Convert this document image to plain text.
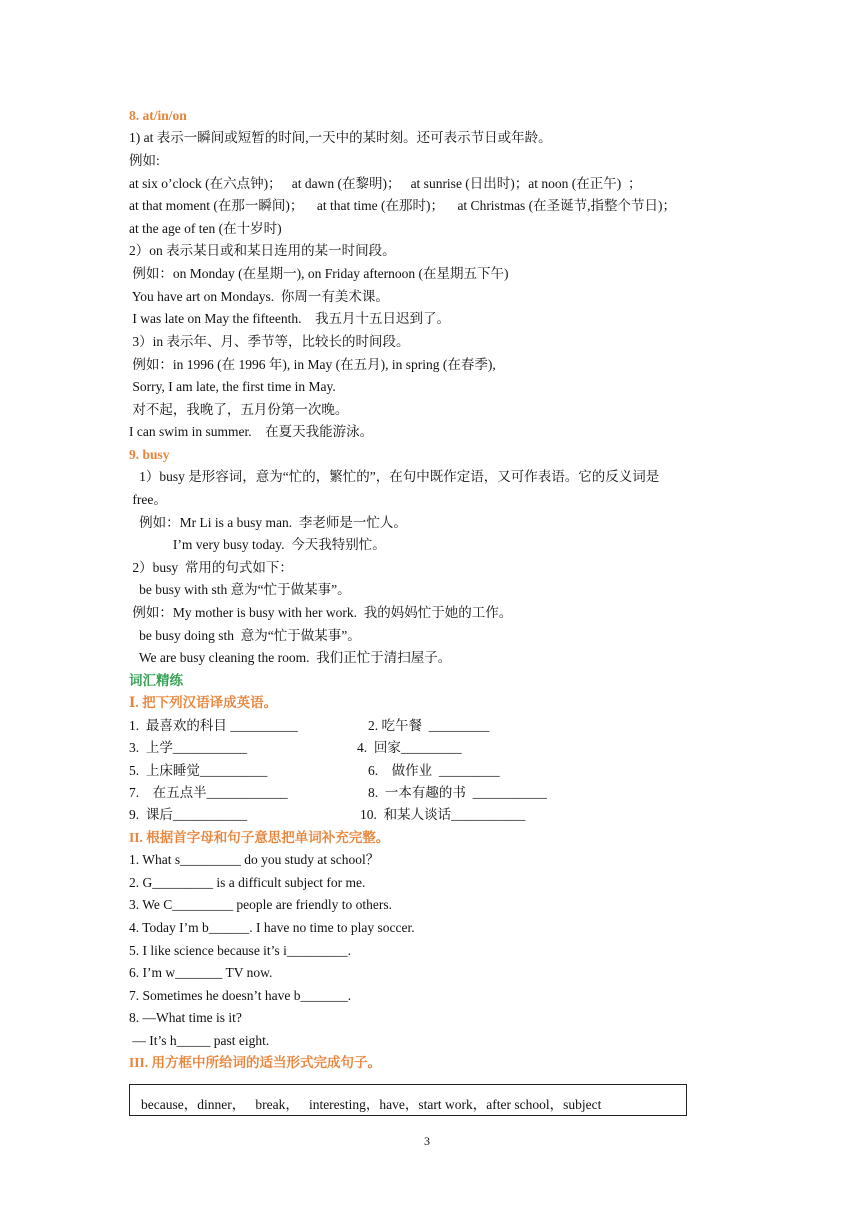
8. at/in/on
1) at 表示一瞬间或短暂的时间,一天中的某时刻。还可表示节日或年龄。
例如:
at six o’clock (在六点钟)；   at dawn (在黎明)；   at sunrise (日出时)；at noon (在正午)  ；
at that moment (在那一瞬间)；    at that time (在那时)；    at Christmas (在圣诞节,指整个节日)；
at the age of ten (在十岁时)
2）on 表示某日或和某日连用的某一时间段。
例如：on Monday (在星期一), on Friday afternoon (在星期五下午)
You have art on Mondays.  你周一有美术课。
I was late on May the fifteenth.    我五月十五日迟到了。
3）in 表示年、月、季节等，比较长的时间段。
例如：in 1996 (在 1996 年), in May (在五月), in spring (在春季),
Sorry, I am late, the first time in May.
对不起，我晚了，五月份第一次晚。
I can swim in summer.    在夏天我能游泳。
9. busy
1）busy 是形容词，意为“忙的，繁忙的”，在句中既作定语，又可作表语。它的反义词是
free。
例如：Mr Li is a busy man.  李老师是一忙人。
I’m very busy today.  今天我特别忙。
2）busy  常用的句式如下：
be busy with sth 意为“忙于做某事”。
例如：My mother is busy with her work.  我的妈妈忙于她的工作。
be busy doing sth  意为“忙于做某事”。
We are busy cleaning the room.  我们正忙于清扫屋子。
词汇精练
Ⅰ. 把下列汉语译成英语。
1.  最喜欢的科目 __________	2. 吃午餐  _________
3.  上学___________	4.  回家_________
5.  上床睡觉__________	6.    做作业  _________
7.    在五点半____________	8.  一本有趣的书  ___________
9.  课后___________	10.  和某人谈话___________
II. 根据首字母和句子意思把单词补充完整。
1. What s_________ do you study at school？
2. G_________ is a difficult subject for me.
3. We C_________ people are friendly to others.
4. Today I’m b______. I have no time to play soccer.
5. I like science because it’s i_________.
6. I’m w_______ TV now.
7. Sometimes he doesn’t have b_______.
8. —What time is it?
— It’s h_____ past eight.
III. 用方框中所给词的适当形式完成句子。
because，dinner，   break，   interesting，have，start work，after school，subject
3
